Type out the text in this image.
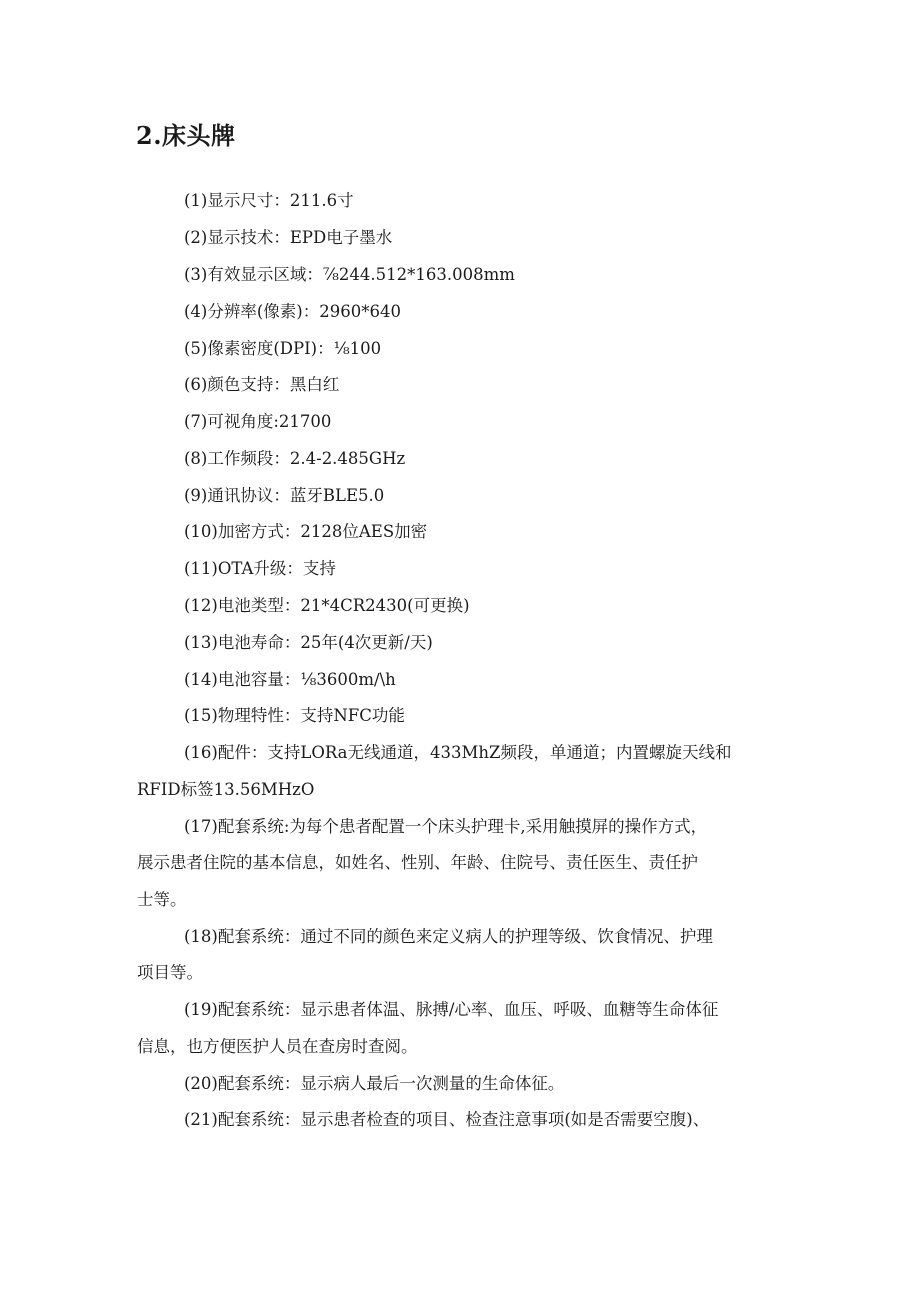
2.床头牌
(1)显示尺寸：211.6寸
(2)显示技术：EPD电子墨水
(3)有效显示区域：⅞244.512*163.008mm
(4)分辨率(像素)：2960*640
(5)像素密度(DPI)：⅛100
(6)颜色支持：黑白红
(7)可视角度:21700
(8)工作频段：2.4-2.485GHz
(9)通讯协议：蓝牙BLE5.0
(10)加密方式：2128位AES加密
(11)OTA升级：支持
(12)电池类型：21*4CR2430(可更换)
(13)电池寿命：25年(4次更新/天)
(14)电池容量：⅛3600m∕\h
(15)物理特性：支持NFC功能
(16)配件：支持LORa无线通道，433MhZ频段，单通道；内置螺旋天线和
RFID标签13.56MHzO
(17)配套系统:为每个患者配置一个床头护理卡,采用触摸屏的操作方式，
展示患者住院的基本信息，如姓名、性别、年龄、住院号、责任医生、责任护
士等。
(18)配套系统：通过不同的颜色来定义病人的护理等级、饮食情况、护理
项目等。
(19)配套系统：显示患者体温、脉搏/心率、血压、呼吸、血糖等生命体征
信息，也方便医护人员在查房时查阅。
(20)配套系统：显示病人最后一次测量的生命体征。
(21)配套系统：显示患者检查的项目、检查注意事项(如是否需要空腹)、
